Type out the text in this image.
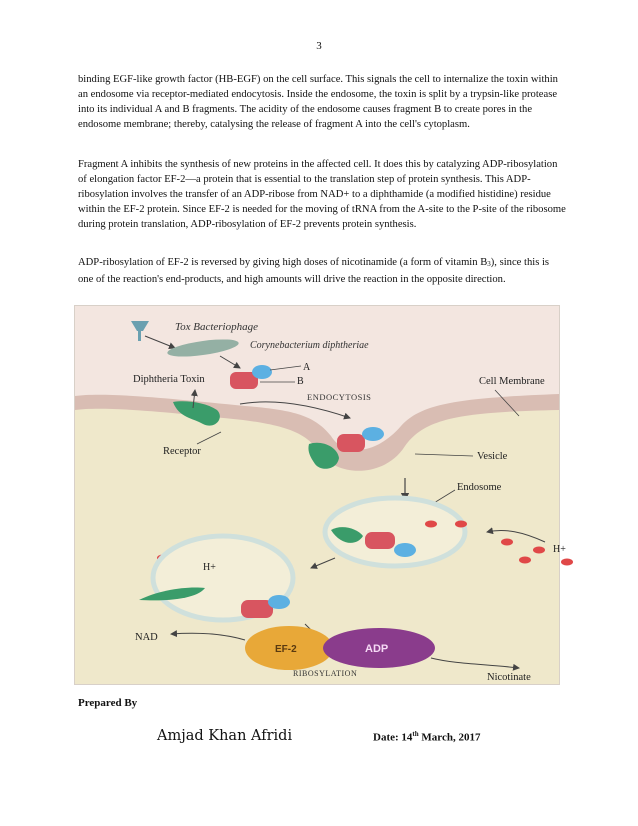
3

binding EGF-like growth factor (HB-EGF) on the cell surface. This signals the cell to internalize the toxin within an endosome via receptor-mediated endocytosis. Inside the endosome, the toxin is split by a trypsin-like protease into its individual A and B fragments. The acidity of the endosome causes fragment B to create pores in the endosome membrane; thereby, catalysing the release of fragment A into the cell's cytoplasm.

Fragment A inhibits the synthesis of new proteins in the affected cell. It does this by catalyzing ADP-ribosylation of elongation factor EF-2—a protein that is essential to the translation step of protein synthesis. This ADP-ribosylation involves the transfer of an ADP-ribose from NAD+ to a diphthamide (a modified histidine) residue within the EF-2 protein. Since EF-2 is needed for the moving of tRNA from the A-site to the P-site of the ribosome during protein translation, ADP-ribosylation of EF-2 prevents protein synthesis.

ADP-ribosylation of EF-2 is reversed by giving high doses of nicotinamide (a form of vitamin B3), since this is one of the reaction's end-products, and high amounts will drive the reaction in the opposite direction.

Tox Bacteriophage
Corynebacterium diphtheriae
Diphtheria Toxin
A
B
ENDOCYTOSIS
Cell Membrane
Receptor	Vesicle
Endosome
H+
H+
EF-2	ADP
NAD
RIBOSYLATION	Nicotinate
Prepared By
Amjad Khan Afridi	Date: 14th March, 2017
